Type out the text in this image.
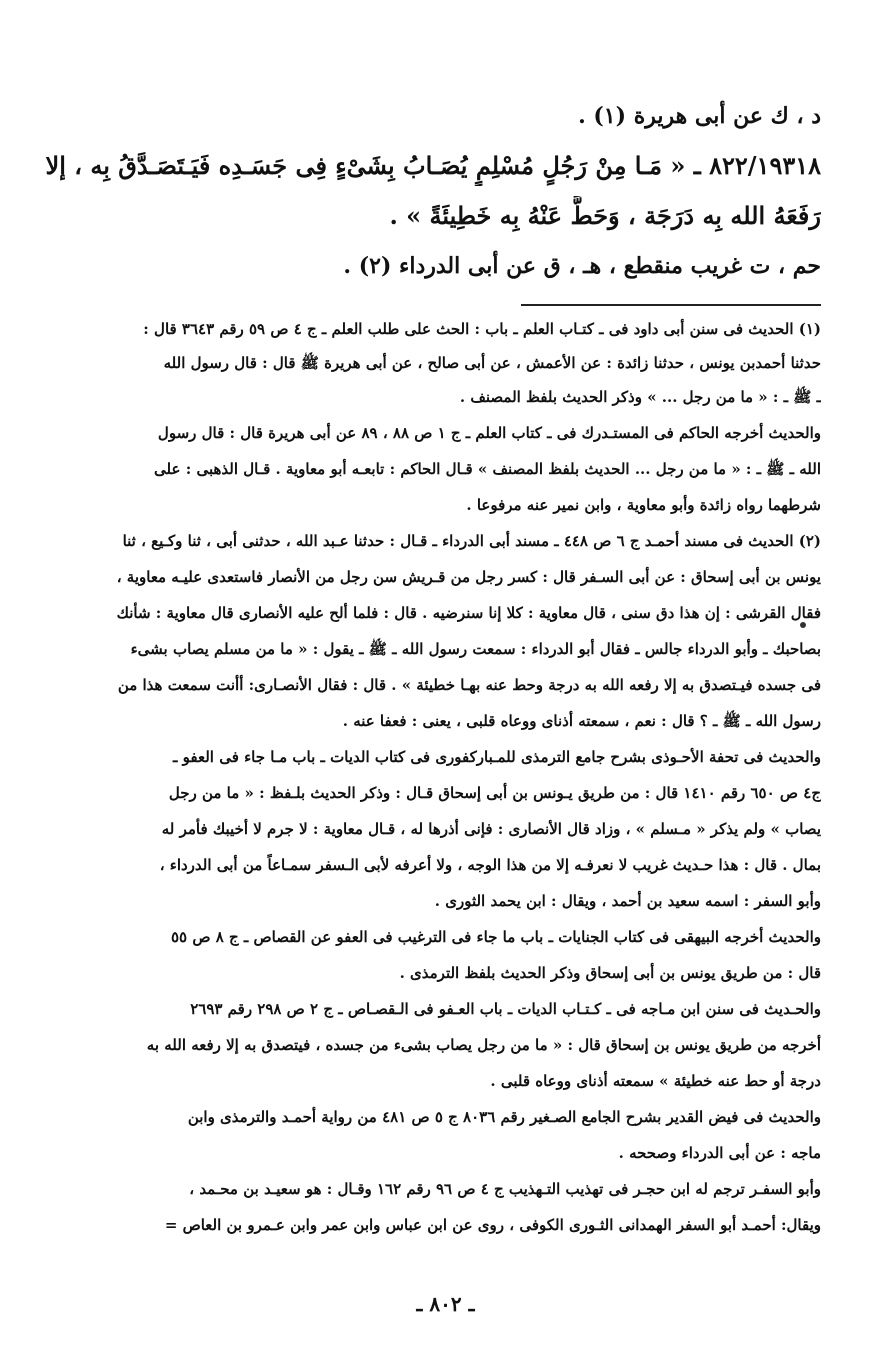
د ، ك عن أبى هريرة (١) .
٨٢٢/١٩٣١٨ ـ « مَـا مِنْ رَجُلٍ مُسْلِمٍ يُصَـابُ بِشَىْءٍ فِى جَسَـدِه فَيَـتَصَـدَّقُ بِه ، إلا
رَفَعَهُ الله بِه دَرَجَة ، وَحَطَّ عَنْهُ بِه خَطِيئَةً » .
حم ، ت غريب منقطع ، هـ ، ق عن أبى الدرداء (٢) .
(١) الحديث فى سنن أبى داود فى ـ كتـاب العلم ـ باب : الحث على طلب العلم ـ ج ٤ ص ٥٩ رقم ٣٦٤٣ قال :
حدثنا أحمدبن يونس ، حدثنا زائدة : عن الأعمش ، عن أبى صالح ، عن أبى هريرة ﷺ قال : قال رسول الله
ـ ﷺ ـ : « ما من رجل ... » وذكر الحديث بلفظ المصنف .
والحديث أخرجه الحاكم فى المستـدرك فى ـ كتاب العلم ـ ج ١ ص ٨٨ ، ٨٩ عن أبى هريرة قال : قال رسول
الله ـ ﷺ ـ : « ما من رجل ... الحديث بلفظ المصنف » قـال الحاكم : تابعـه أبو معاوية . قـال الذهبى : على
شرطهما رواه زائدة وأبو معاوية ، وابن نمير عنه مرفوعا .
(٢) الحديث فى مسند أحمـد ج ٦ ص ٤٤٨ ـ مسند أبى الدرداء ـ قـال : حدثنا عـبد الله ، حدثنى أبى ، ثنا وكـيع ، ثنا
يونس بن أبى إسحاق : عن أبى السـفر قال : كسر رجل من قـريش سن رجل من الأنصار فاستعدى عليـه معاوية ،
فقال القرشى : إن هذا دق سنى ، قال معاوية : كلا إنا سنرضيه . قال : فلما ألح عليه الأنصارى قال معاوية : شأنك
بصاحبك ـ وأبو الدرداء جالس ـ فقال أبو الدرداء : سمعت رسول الله ـ ﷺ ـ يقول : « ما من مسلم يصاب بشىء
فى جسده فيـتصدق به إلا رفعه الله به درجة وحط عنه بهـا خطيئة » . قال : فقال الأنصـارى: أأنت سمعت هذا من
رسول الله ـ ﷺ ـ ؟ قال : نعم ، سمعته أذناى ووعاه قلبى ، يعنى : فعفا عنه .
والحديث فى تحفة الأحـوذى بشرح جامع الترمذى للمـباركفورى فى كتاب الديات ـ باب مـا جاء فى العفو ـ
ج٤ ص ٦٥٠ رقم ١٤١٠ قال : من طريق يـونس بن أبى إسحاق قـال : وذكر الحديث بلـفظ : « ما من رجل
يصاب » ولم يذكر « مـسلم » ، وزاد قال الأنصارى : فإنى أذرها له ، قـال معاوية : لا جرم لا أخيبك فأمر له
بمال . قال : هذا حـديث غريب لا نعرفـه إلا من هذا الوجه ، ولا أعرفه لأبى الـسفر سمـاعاً من أبى الدرداء ،
وأبو السفر : اسمه سعيد بن أحمد ، ويقال : ابن يحمد الثورى .
والحديث أخرجه البيهقى فى كتاب الجنايات ـ باب ما جاء فى الترغيب فى العفو عن القصاص ـ ج ٨ ص ٥٥
قال : من طريق يونس بن أبى إسحاق وذكر الحديث بلفظ الترمذى .
والحـديث فى سنن ابن مـاجه فى ـ كـتـاب الديات ـ باب العـفو فى الـقصـاص ـ ج ٢ ص ٢٩٨ رقم ٢٦٩٣
أخرجه من طريق يونس بن إسحاق قال : « ما من رجل يصاب بشىء من جسده ، فيتصدق به إلا رفعه الله به
درجة أو حط عنه خطيئة » سمعته أذناى ووعاه قلبى .
والحديث فى فيض القدير بشرح الجامع الصـغير رقم ٨٠٣٦ ج ٥ ص ٤٨١ من رواية أحمـد والترمذى وابن
ماجه : عن أبى الدرداء وصححه .
وأبو السفـر ترجم له ابن حجـر فى تهذيب التـهذيب ج ٤ ص ٩٦ رقم ١٦٢ وقـال : هو سعيـد بن محـمد ،
ويقال: أحمـد أبو السفر الهمدانى الثـورى الكوفى ، روى عن ابن عباس وابن عمر وابن عـمرو بن العاص =
ـ ٨٠٢ ـ
